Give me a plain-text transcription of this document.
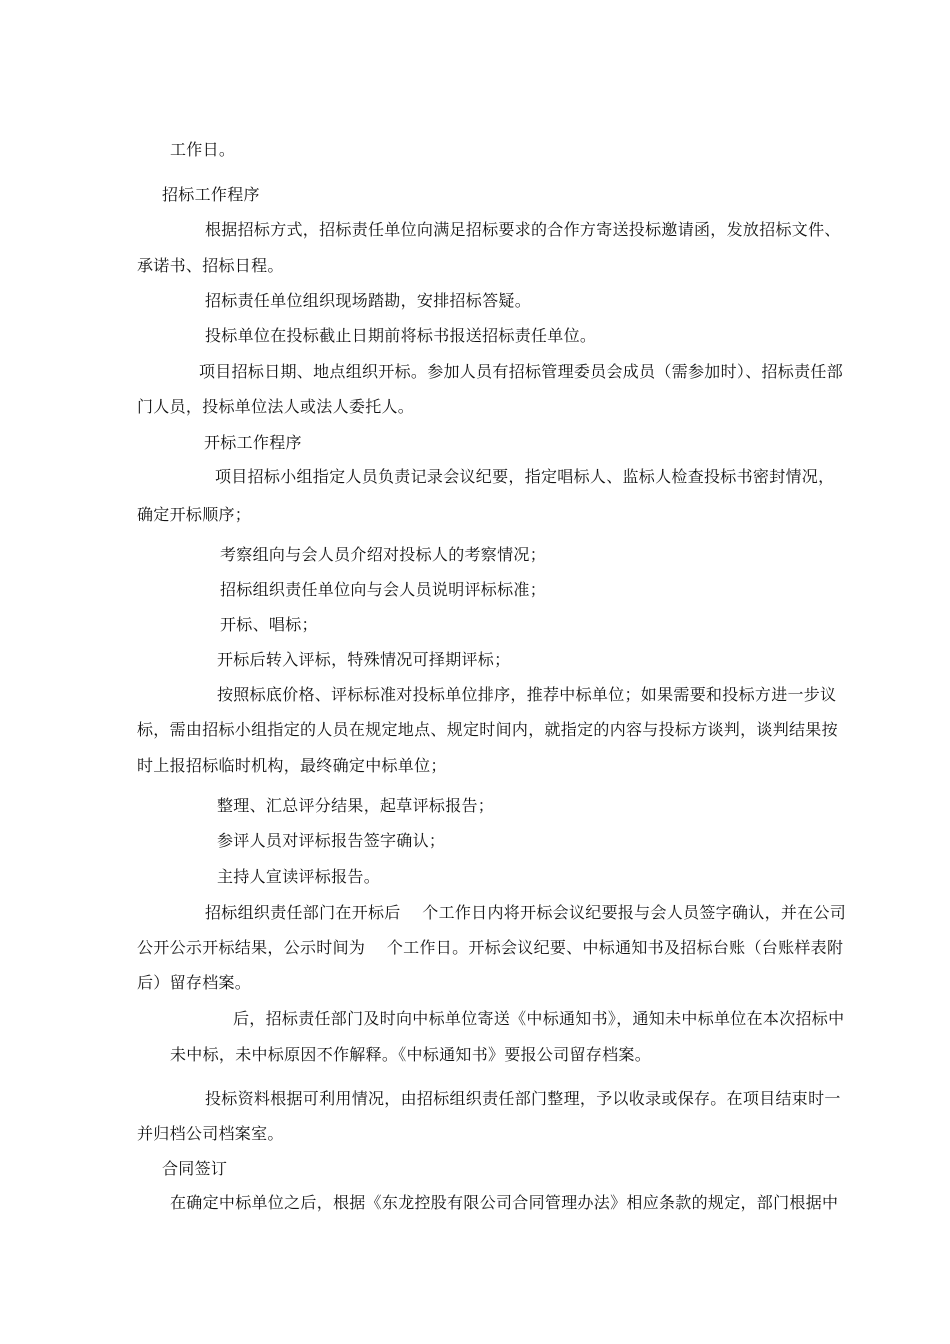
工作日。
招标工作程序
根据招标方式，招标责任单位向满足招标要求的合作方寄送投标邀请函，发放招标文件、
承诺书、招标日程。
招标责任单位组织现场踏勘，安排招标答疑。
投标单位在投标截止日期前将标书报送招标责任单位。
项目招标日期、地点组织开标。参加人员有招标管理委员会成员（需参加时）、招标责任部
门人员，投标单位法人或法人委托人。
开标工作程序
项目招标小组指定人员负责记录会议纪要，指定唱标人、监标人检查投标书密封情况，
确定开标顺序；
考察组向与会人员介绍对投标人的考察情况；
招标组织责任单位向与会人员说明评标标准；
开标、唱标；
开标后转入评标，特殊情况可择期评标；
按照标底价格、评标标准对投标单位排序，推荐中标单位；如果需要和投标方进一步议
标，需由招标小组指定的人员在规定地点、规定时间内，就指定的内容与投标方谈判，谈判结果按
时上报招标临时机构，最终确定中标单位；
整理、汇总评分结果，起草评标报告；
参评人员对评标报告签字确认；
主持人宣读评标报告。
招标组织责任部门在开标后　 个工作日内将开标会议纪要报与会人员签字确认，并在公司
公开公示开标结果，公示时间为　 个工作日。开标会议纪要、中标通知书及招标台账（台账样表附
后）留存档案。
后，招标责任部门及时向中标单位寄送《中标通知书》，通知未中标单位在本次招标中
未中标，未中标原因不作解释。《中标通知书》要报公司留存档案。
投标资料根据可利用情况，由招标组织责任部门整理，予以收录或保存。在项目结束时一
并归档公司档案室。
合同签订
在确定中标单位之后，根据《东龙控股有限公司合同管理办法》相应条款的规定，部门根据中
